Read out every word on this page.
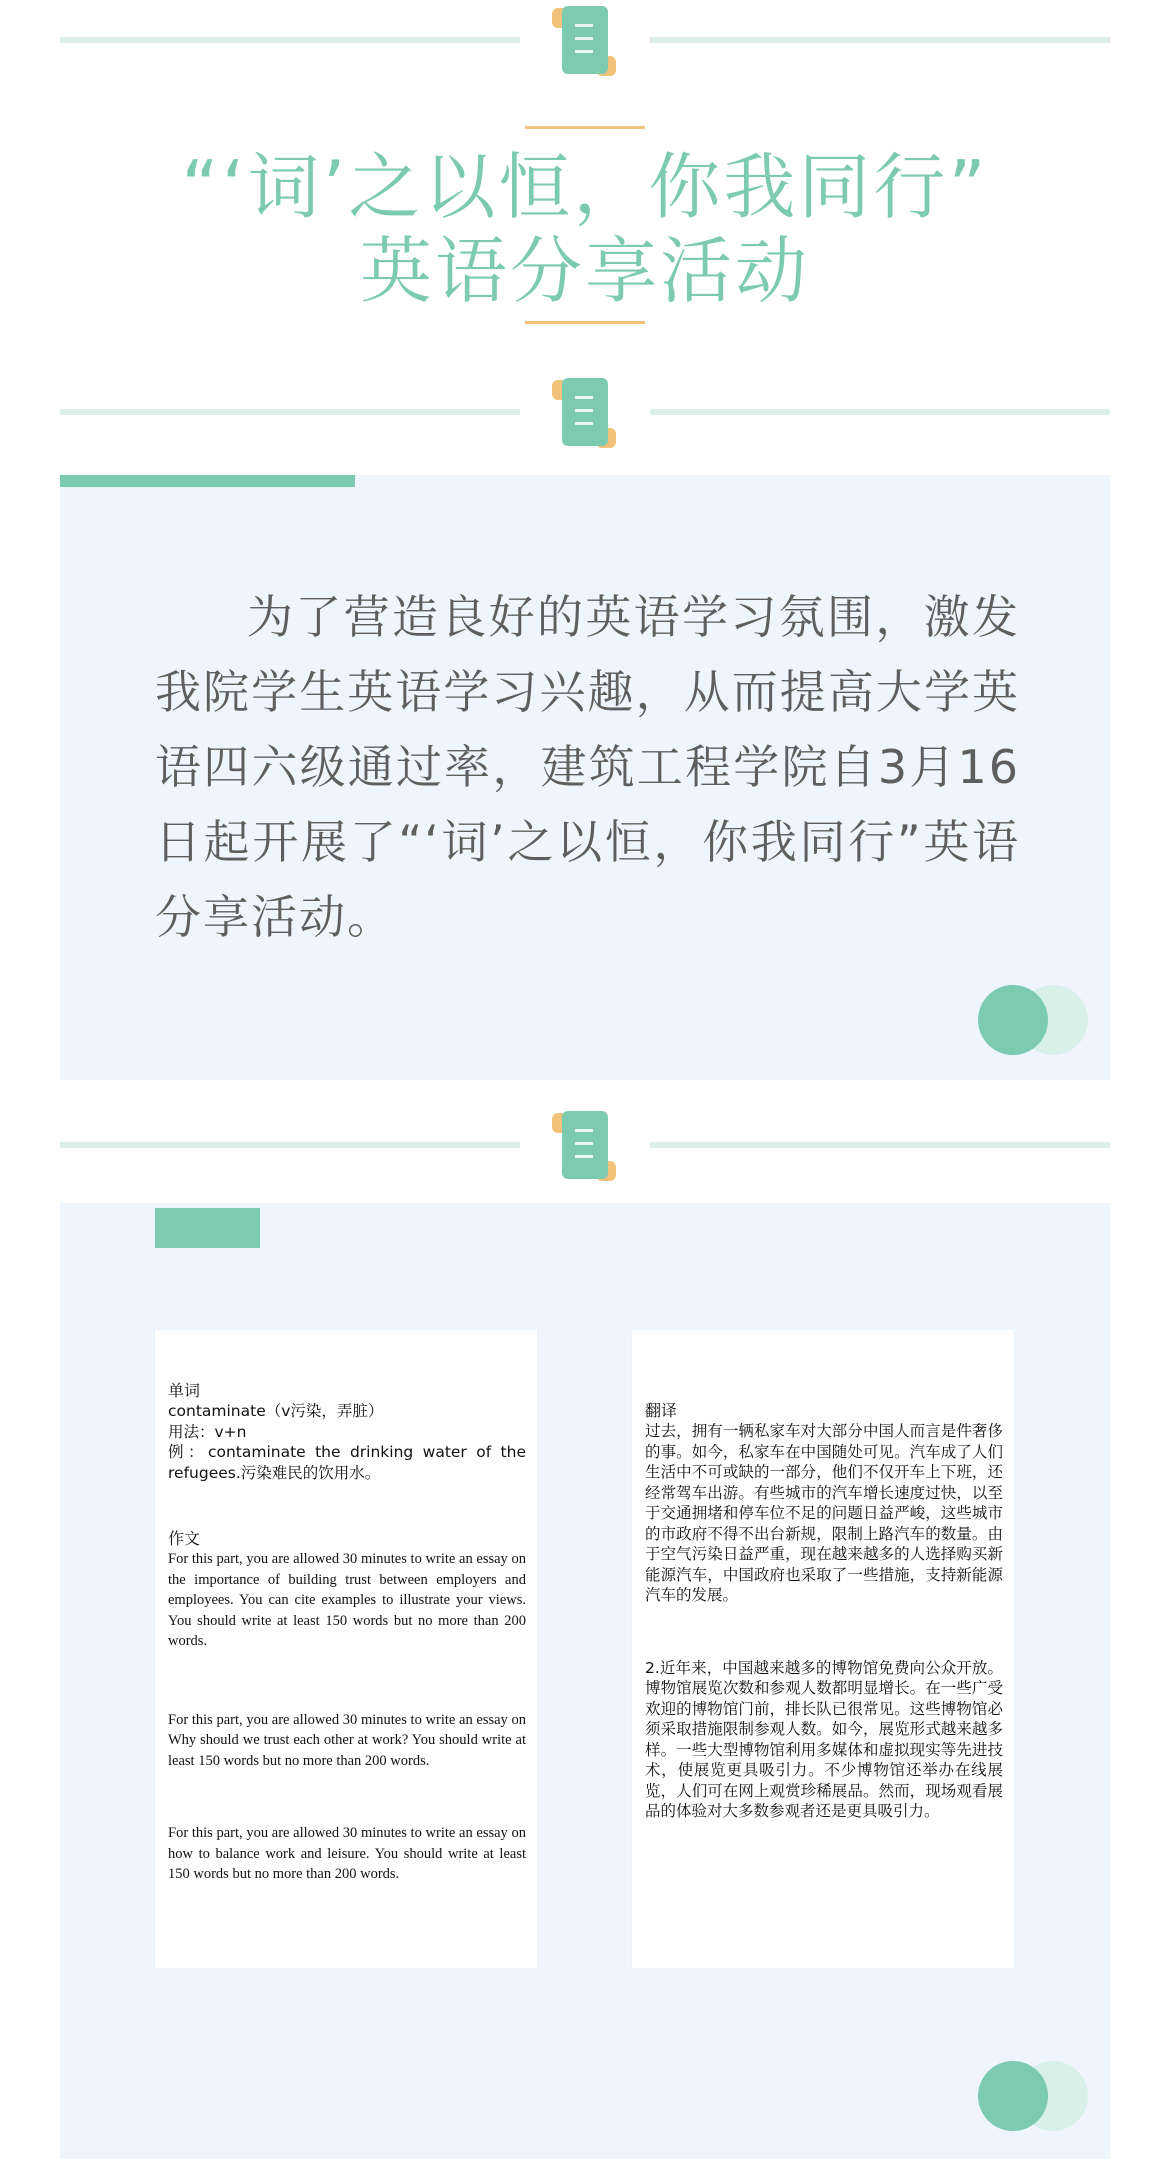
“‘词’之以恒，你我同行”
英语分享活动
为了营造良好的英语学习氛围，激发我院学生英语学习兴趣，从而提高大学英语四六级通过率，建筑工程学院自3月16日起开展了“‘词’之以恒，你我同行”英语分享活动。
单词
contaminate（v污染，弄脏）
用法：v+n
例：contaminate the drinking water of the refugees.污染难民的饮用水。
作文
For this part, you are allowed 30 minutes to write an essay on the importance of building trust between employers and employees. You can cite examples to illustrate your views. You should write at least 150 words but no more than 200 words.
For this part, you are allowed 30 minutes to write an essay on Why should we trust each other at work? You should write at least 150 words but no more than 200 words.
For this part, you are allowed 30 minutes to write an essay on how to balance work and leisure. You should write at least 150 words but no more than 200 words.
翻译
过去，拥有一辆私家车对大部分中国人而言是件奢侈的事。如今，私家车在中国随处可见。汽车成了人们生活中不可或缺的一部分，他们不仅开车上下班，还经常驾车出游。有些城市的汽车增长速度过快，以至于交通拥堵和停车位不足的问题日益严峻，这些城市的市政府不得不出台新规，限制上路汽车的数量。由于空气污染日益严重，现在越来越多的人选择购买新能源汽车，中国政府也采取了一些措施，支持新能源汽车的发展。
2.近年来，中国越来越多的博物馆免费向公众开放。博物馆展览次数和参观人数都明显增长。在一些广受欢迎的博物馆门前，排长队已很常见。这些博物馆必须采取措施限制参观人数。如今，展览形式越来越多样。一些大型博物馆利用多媒体和虚拟现实等先进技术，使展览更具吸引力。不少博物馆还举办在线展览，人们可在网上观赏珍稀展品。然而，现场观看展品的体验对大多数参观者还是更具吸引力。
